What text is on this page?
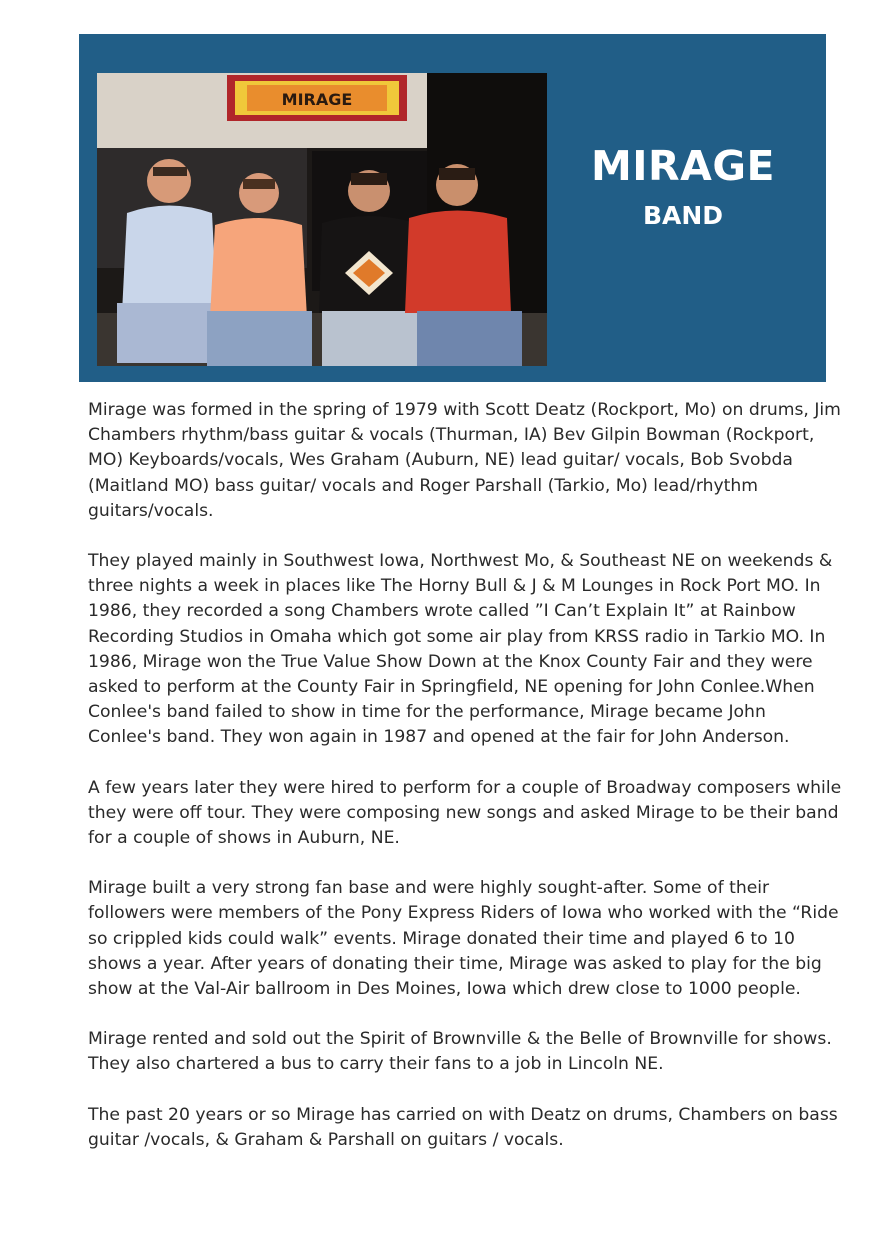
MIRAGE
MIRAGE
BAND

Mirage was formed in the spring of 1979 with Scott Deatz (Rockport, Mo) on drums, Jim Chambers rhythm/bass guitar & vocals (Thurman, IA) Bev Gilpin Bowman (Rockport, MO) Keyboards/vocals, Wes Graham (Auburn, NE) lead guitar/ vocals, Bob Svobda (Maitland MO) bass guitar/ vocals and Roger Parshall (Tarkio, Mo) lead/rhythm guitars/vocals.

They played mainly in Southwest Iowa, Northwest Mo, & Southeast NE on weekends & three nights a week in places like The Horny Bull & J & M Lounges in Rock Port MO. In 1986, they recorded a song Chambers wrote called ”I Can’t Explain It” at Rainbow Recording Studios in Omaha which got some air play from KRSS radio in Tarkio MO. In 1986, Mirage won the True Value Show Down at the Knox County Fair and they were asked to perform at the County Fair in Springfield, NE opening for John Conlee.When Conlee's band failed to show in time for the performance, Mirage became John Conlee's band. They won again in 1987 and opened at the fair for John Anderson.

A few years later they were hired to perform for a couple of Broadway composers while they were off tour. They were composing new songs and asked Mirage to be their band for a couple of shows in Auburn, NE.

Mirage built a very strong fan base and were highly sought-after. Some of their followers were members of the Pony Express Riders of Iowa who worked with the “Ride so crippled kids could walk” events. Mirage donated their time and played 6 to 10 shows a year. After years of donating their time, Mirage was asked to play for the big show at the Val-Air ballroom in Des Moines, Iowa which drew close to 1000 people.

Mirage rented and sold out the Spirit of Brownville & the Belle of Brownville for shows. They also chartered a bus to carry their fans to a job in Lincoln NE.

The past 20 years or so Mirage has carried on with Deatz on drums, Chambers on bass guitar /vocals, & Graham & Parshall on guitars / vocals.
